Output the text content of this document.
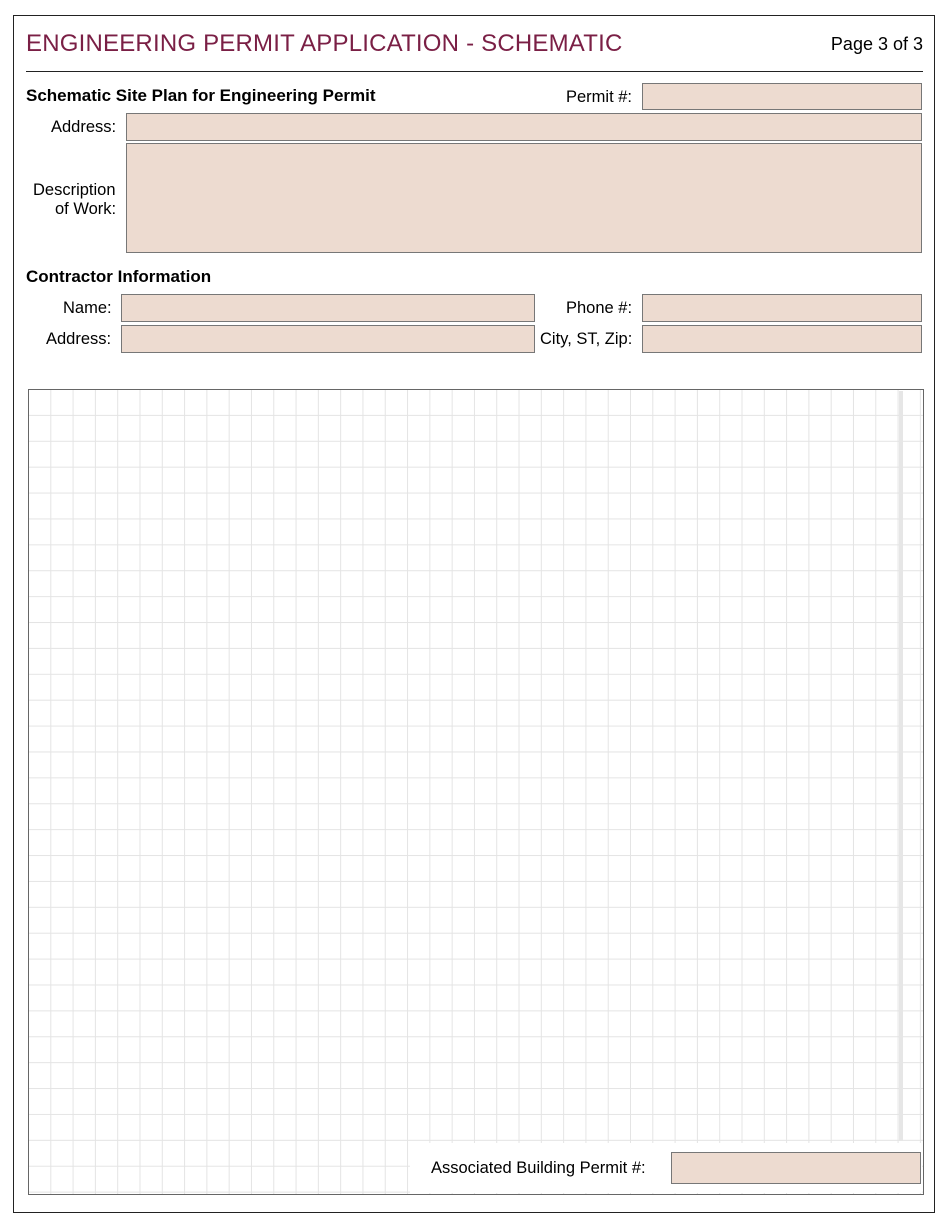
ENGINEERING PERMIT APPLICATION - SCHEMATIC	Page 3 of 3
Schematic Site Plan for Engineering Permit	Permit #:
Address:
Description
of Work:
Contractor Information
Name:	Phone #:
Address:	City, ST, Zip:
Associated Building Permit #:
